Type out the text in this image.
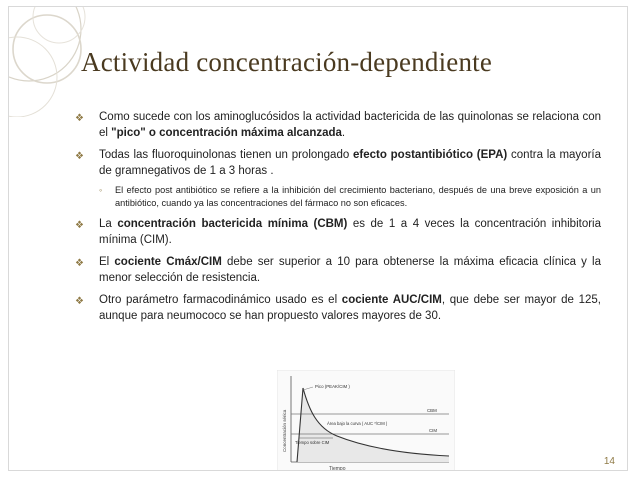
Actividad concentración-dependiente
❖ Como sucede con los aminoglucósidos la actividad bactericida de las quinolonas se relaciona con el "pico" o concentración máxima alcanzada.
❖ Todas las fluoroquinolonas tienen un prolongado efecto postantibiótico (EPA) contra la mayoría de gramnegativos de 1 a 3 horas .
◦ El efecto post antibiótico se refiere a la inhibición del crecimiento bacteriano, después de una breve exposición a un antibiótico, cuando ya las concentraciones del fármaco no son eficaces.
❖ La concentración bactericida mínima (CBM) es de 1 a 4 veces la concentración inhibitoria mínima (CIM).
❖ El cociente Cmáx/CIM debe ser superior a 10 para obtenerse la máxima eficacia clínica y la menor selección de resistencia.
❖ Otro parámetro farmacodinámico usado es el cociente AUC/CIM, que debe ser mayor de 125, aunque para neumococo se han propuesto valores mayores de 30.
Concentración sérica
Tiempo
Pico (PEAK/CIM )
Área bajo la curva ( AUC */CIM )
CBM
CIM
Tiempo sobre CIM
14
